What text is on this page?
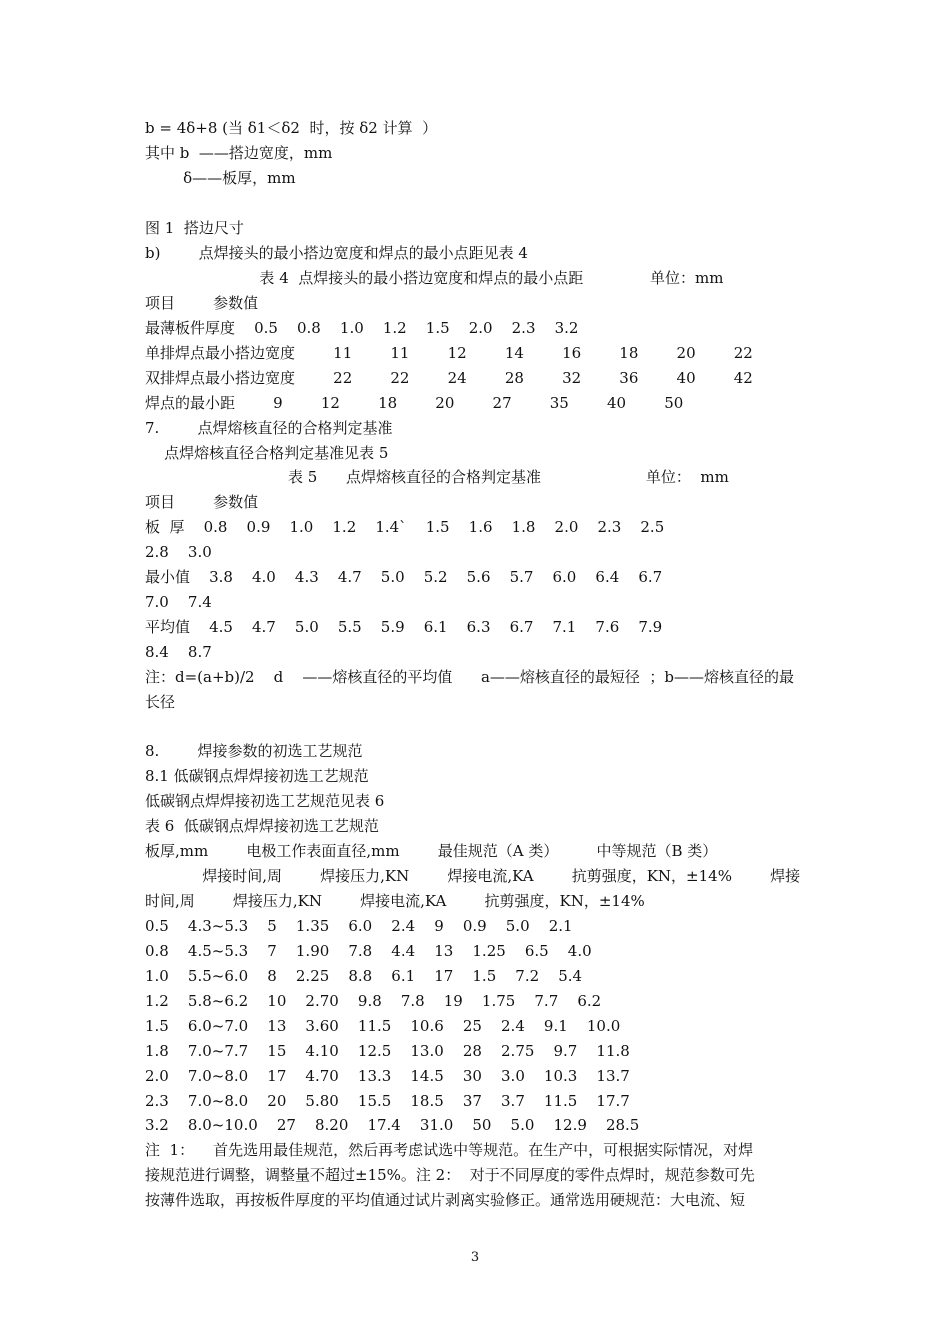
b = 4δ+8 (当 δ1＜δ2  时，按 δ2 计算  ）
其中 b  ——搭边宽度，mm
δ——板厚，mm
图 1  搭边尺寸
b)        点焊接头的最小搭边宽度和焊点的最小点距见表 4
表 4  点焊接头的最小搭边宽度和焊点的最小点距              单位：mm
项目        参数值
最薄板件厚度    0.5    0.8    1.0    1.2    1.5    2.0    2.3    3.2
单排焊点最小搭边宽度        11        11        12        14        16        18        20        22
双排焊点最小搭边宽度        22        22        24        28        32        36        40        42
焊点的最小距        9        12        18        20        27        35        40        50
7.        点焊熔核直径的合格判定基准
点焊熔核直径合格判定基准见表 5
表 5      点焊熔核直径的合格判定基准                      单位：  mm
项目        参数值
板  厚    0.8    0.9    1.0    1.2    1.4`    1.5    1.6    1.8    2.0    2.3    2.5
2.8    3.0
最小值    3.8    4.0    4.3    4.7    5.0    5.2    5.6    5.7    6.0    6.4    6.7
7.0    7.4
平均值    4.5    4.7    5.0    5.5    5.9    6.1    6.3    6.7    7.1    7.6    7.9
8.4    8.7
注：d=(a+b)/2    d    ——熔核直径的平均值      a——熔核直径的最短径  ；b——熔核直径的最
长径
8.        焊接参数的初选工艺规范
8.1 低碳钢点焊焊接初选工艺规范
低碳钢点焊焊接初选工艺规范见表 6
表 6  低碳钢点焊焊接初选工艺规范
板厚,mm        电极工作表面直径,mm        最佳规范（A 类）        中等规范（B 类）
焊接时间,周        焊接压力,KN        焊接电流,KA        抗剪强度，KN，±14%        焊接
时间,周        焊接压力,KN        焊接电流,KA        抗剪强度，KN，±14%
0.5    4.3~5.3    5    1.35    6.0    2.4    9    0.9    5.0    2.1
0.8    4.5~5.3    7    1.90    7.8    4.4    13    1.25    6.5    4.0
1.0    5.5~6.0    8    2.25    8.8    6.1    17    1.5    7.2    5.4
1.2    5.8~6.2    10    2.70    9.8    7.8    19    1.75    7.7    6.2
1.5    6.0~7.0    13    3.60    11.5    10.6    25    2.4    9.1    10.0
1.8    7.0~7.7    15    4.10    12.5    13.0    28    2.75    9.7    11.8
2.0    7.0~8.0    17    4.70    13.3    14.5    30    3.0    10.3    13.7
2.3    7.0~8.0    20    5.80    15.5    18.5    37    3.7    11.5    17.7
3.2    8.0~10.0    27    8.20    17.4    31.0    50    5.0    12.9    28.5
注  1：    首先选用最佳规范，然后再考虑试选中等规范。在生产中，可根据实际情况，对焊
接规范进行调整，调整量不超过±15%。注 2：  对于不同厚度的零件点焊时，规范参数可先
按薄件选取，再按板件厚度的平均值通过试片剥离实验修正。通常选用硬规范：大电流、短
3
